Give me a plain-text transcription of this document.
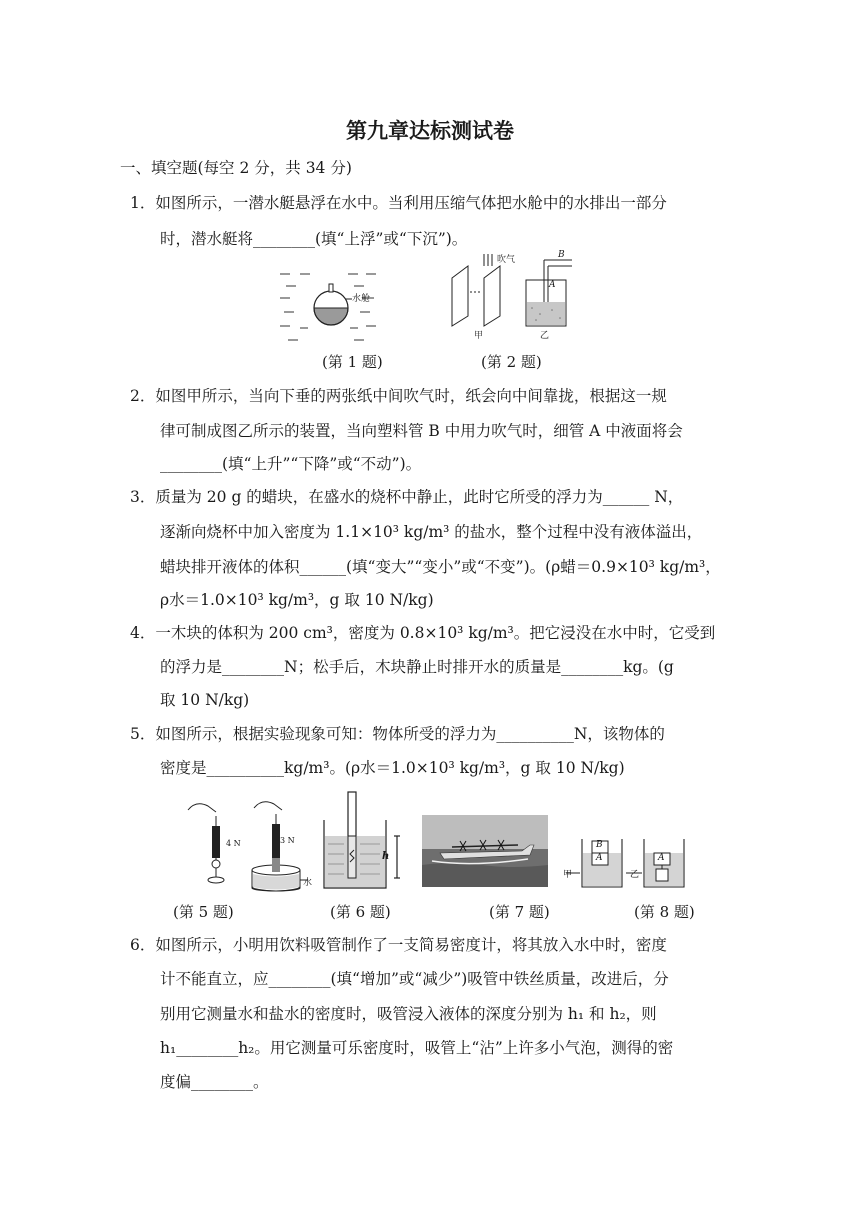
第九章达标测试卷
一、填空题(每空 2 分，共 34 分)
1．如图所示，一潜水艇悬浮在水中。当利用压缩气体把水舱中的水排出一部分
时，潜水艇将________(填“上浮”或“下沉”)。
水舱
吹气	B
A
甲	乙
(第 1 题)	(第 2 题)
2．如图甲所示，当向下垂的两张纸中间吹气时，纸会向中间靠拢，根据这一规
律可制成图乙所示的装置，当向塑料管 B 中用力吹气时，细管 A 中液面将会
________(填“上升”“下降”或“不动”)。
3．质量为 20 g 的蜡块，在盛水的烧杯中静止，此时它所受的浮力为______ N，
逐渐向烧杯中加入密度为 1.1×10³ kg/m³ 的盐水，整个过程中没有液体溢出，
蜡块排开液体的体积______(填“变大”“变小”或“不变”)。(ρ蜡＝0.9×10³ kg/m³，
ρ水＝1.0×10³ kg/m³，g 取 10 N/kg)
4．一木块的体积为 200 cm³，密度为 0.8×10³ kg/m³。把它浸没在水中时，它受到
的浮力是________N；松手后，木块静止时排开水的质量是________kg。(g
取 10 N/kg)
5．如图所示，根据实验现象可知：物体所受的浮力为__________N，该物体的
密度是__________kg/m³。(ρ水＝1.0×10³ kg/m³，g 取 10 N/kg)
4 N	3 N
水
h
B
A	A
甲	乙
(第 5 题)	(第 6 题)	(第 7 题)	(第 8 题)
6．如图所示，小明用饮料吸管制作了一支简易密度计，将其放入水中时，密度
计不能直立，应________(填“增加”或“减少”)吸管中铁丝质量，改进后，分
别用它测量水和盐水的密度时，吸管浸入液体的深度分别为 h₁ 和 h₂，则
h₁________h₂。用它测量可乐密度时，吸管上“沾”上许多小气泡，测得的密
度偏________。
